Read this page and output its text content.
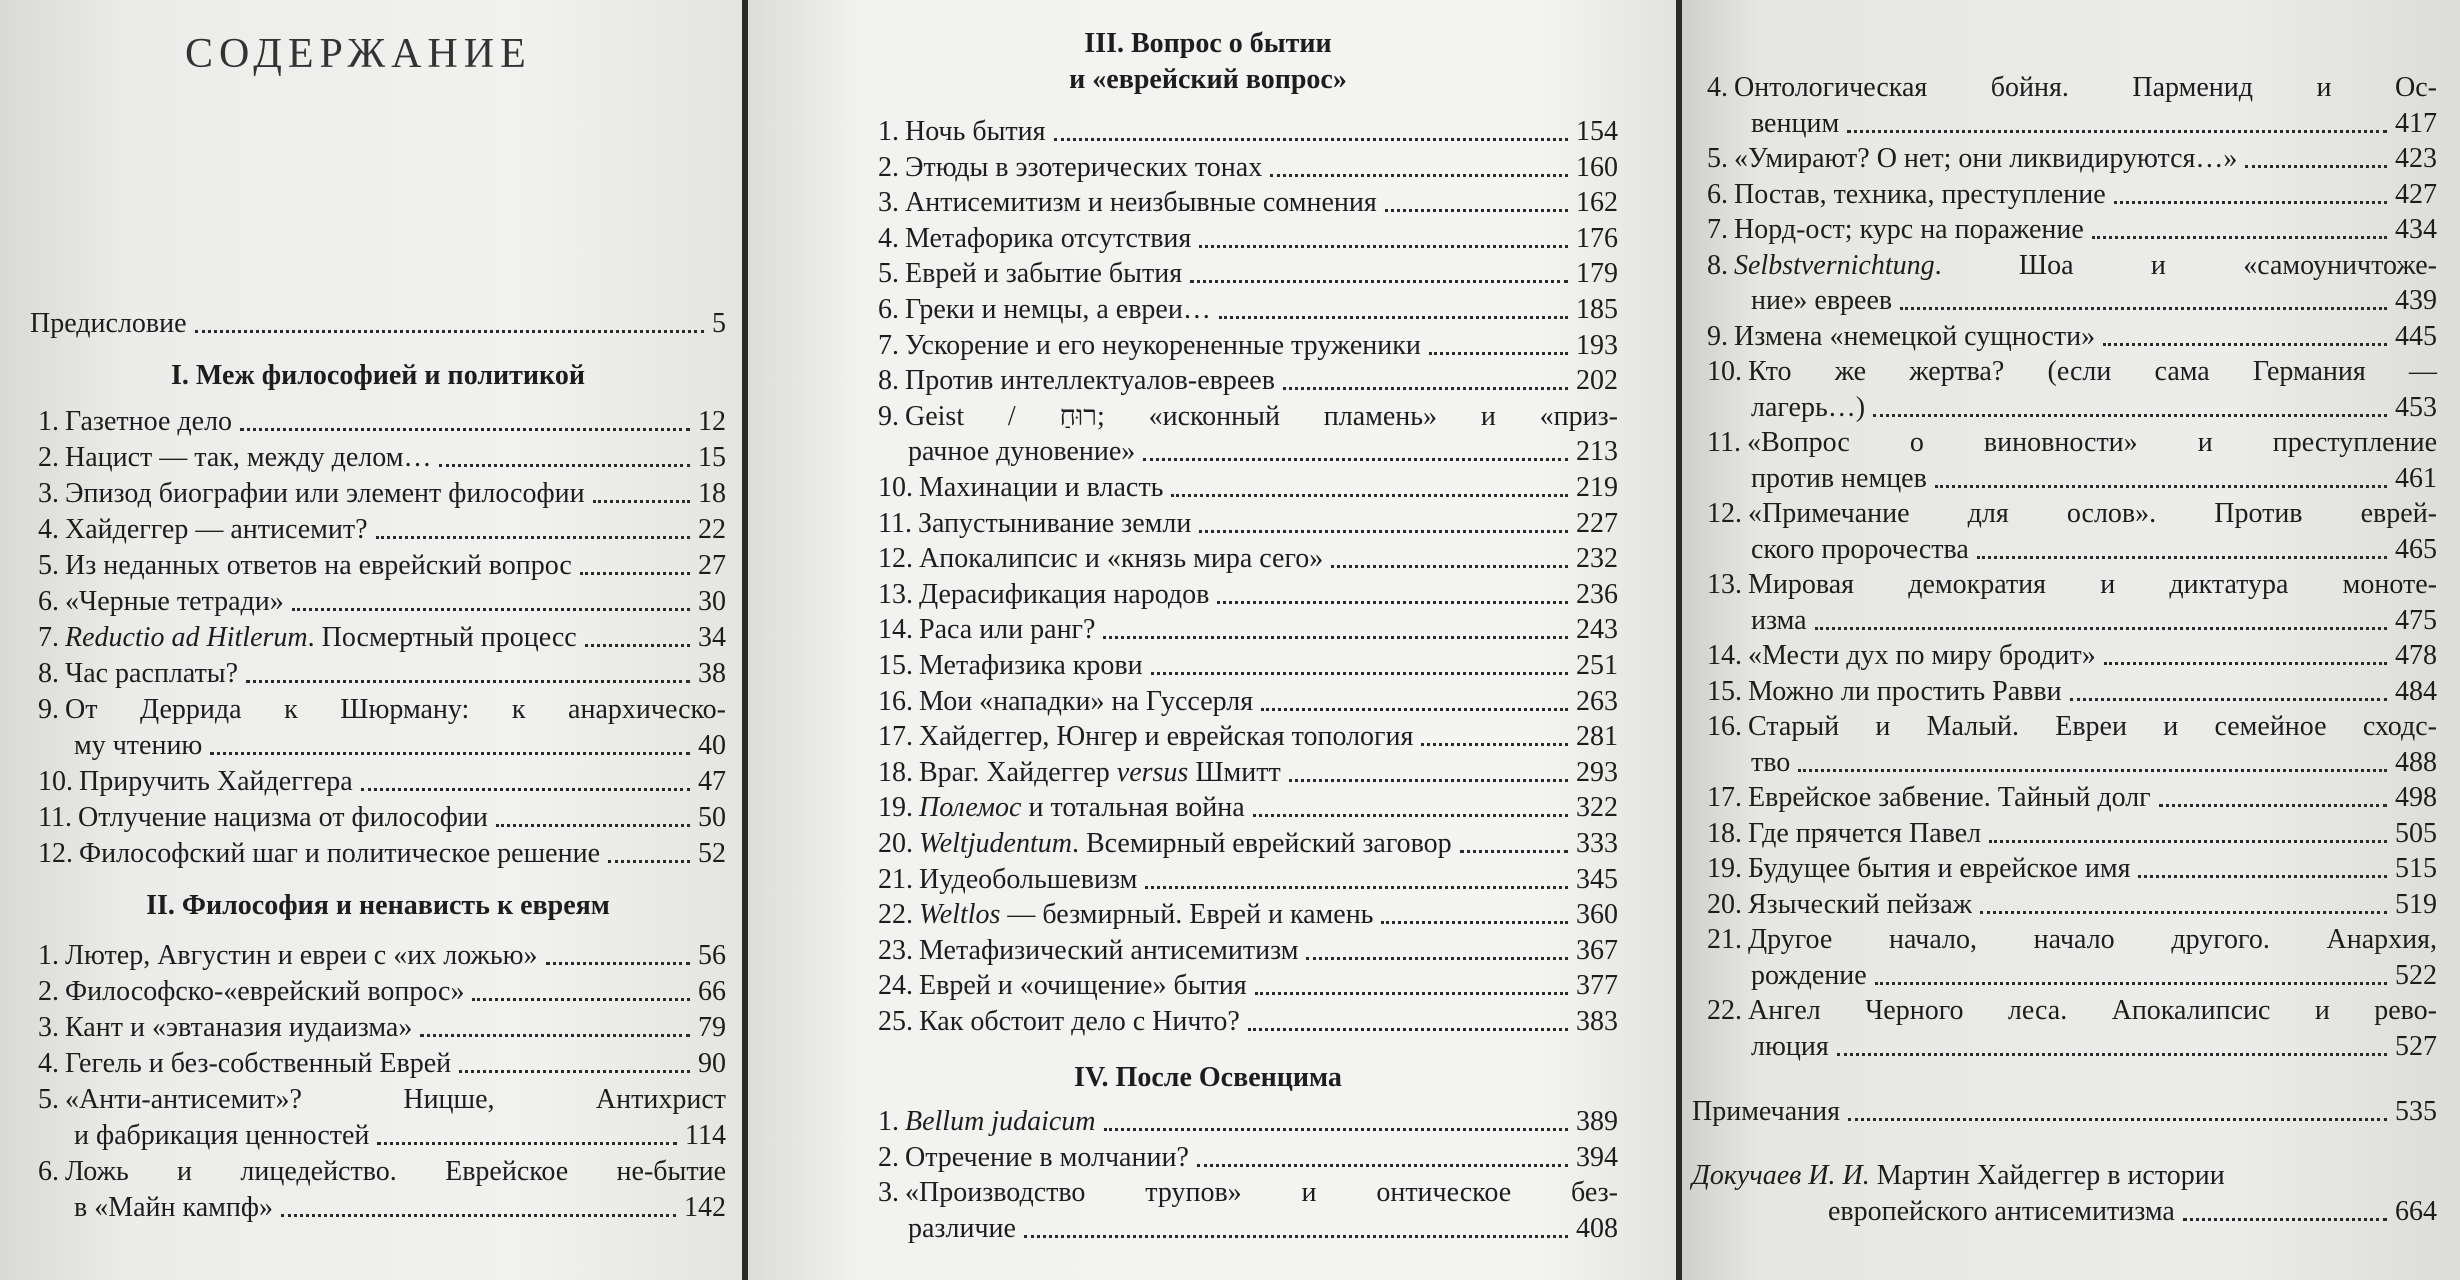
СОДЕРЖАНИЕ
Предисловие	5
I. Меж философией и политикой
1. Газетное дело	12
2. Нацист — так, между делом…	15
3. Эпизод биографии или элемент философии	18
4. Хайдеггер — антисемит?	22
5. Из неданных ответов на еврейский вопрос	27
6. «Черные тетради»	30
7. Reductio ad Hitlerum. Посмертный процесс	34
8. Час расплаты?	38
9. От Деррида к Шюрману: к анархическо-
му чтению	40
10. Приручить Хайдеггера	47
11. Отлучение нацизма от философии	50
12. Философский шаг и политическое решение	52
II. Философия и ненависть к евреям
1. Лютер, Августин и евреи с «их ложью»	56
2. Философско-«еврейский вопрос»	66
3. Кант и «эвтаназия иудаизма»	79
4. Гегель и без-собственный Еврей	90
5. «Анти-антисемит»? Ницше, Антихрист
и фабрикация ценностей	114
6. Ложь и лицедейство. Еврейское не-бытие
в «Майн кампф»	142
III. Вопрос о бытии
и «еврейский вопрос»
1. Ночь бытия	154
2. Этюды в эзотерических тонах	160
3. Антисемитизм и неизбывные сомнения	162
4. Метафорика отсутствия	176
5. Еврей и забытие бытия	179
6. Греки и немцы, а евреи…	185
7. Ускорение и его неукорененные труженики	193
8. Против интеллектуалов-евреев	202
9. Geist / רוּחַ; «исконный пламень» и «приз-
рачное дуновение»	213
10. Махинации и власть	219
11. Запустынивание земли	227
12. Апокалипсис и «князь мира сего»	232
13. Дерасификация народов	236
14. Раса или ранг?	243
15. Метафизика крови	251
16. Мои «нападки» на Гуссерля	263
17. Хайдеггер, Юнгер и еврейская топология	281
18. Враг. Хайдеггер versus Шмитт	293
19. Полемос и тотальная война	322
20. Weltjudentum. Всемирный еврейский заговор	333
21. Иудеобольшевизм	345
22. Weltlos — безмирный. Еврей и камень	360
23. Метафизический антисемитизм	367
24. Еврей и «очищение» бытия	377
25. Как обстоит дело с Ничто?	383
IV. После Освенцима
1. Bellum judaicum	389
2. Отречение в молчании?	394
3. «Производство трупов» и онтическое без-
различие	408
4. Онтологическая бойня. Парменид и Ос-
венцим	417
5. «Умирают? О нет; они ликвидируются…»	423
6. Постав, техника, преступление	427
7. Норд-ост; курс на поражение	434
8. Selbstvernichtung. Шоа и «самоуничтоже-
ние» евреев	439
9. Измена «немецкой сущности»	445
10. Кто же жертва? (если сама Германия —
лагерь…)	453
11. «Вопрос о виновности» и преступление
против немцев	461
12. «Примечание для ослов». Против еврей-
ского пророчества	465
13. Мировая демократия и диктатура моноте-
изма	475
14. «Мести дух по миру бродит»	478
15. Можно ли простить Равви	484
16. Старый и Малый. Евреи и семейное сходс-
тво	488
17. Еврейское забвение. Тайный долг	498
18. Где прячется Павел	505
19. Будущее бытия и еврейское имя	515
20. Языческий пейзаж	519
21. Другое начало, начало другого. Анархия,
рождение	522
22. Ангел Черного леса. Апокалипсис и рево-
люция	527
Примечания	535
Докучаев И. И. Мартин Хайдеггер в истории
европейского антисемитизма	664
